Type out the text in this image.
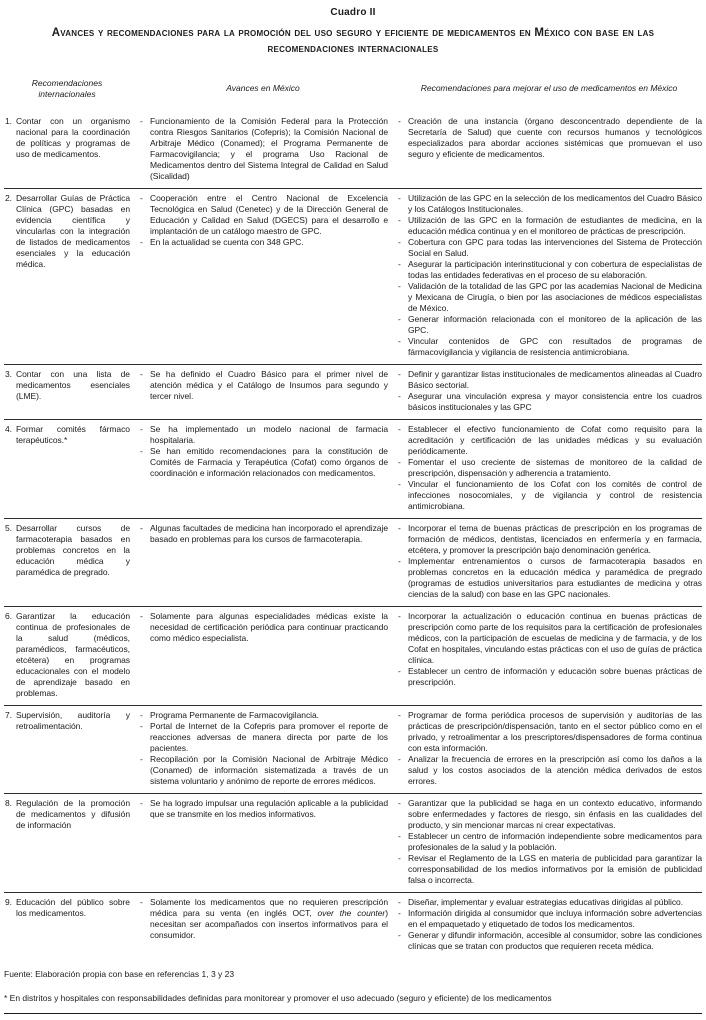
Cuadro II
Avances y recomendaciones para la promoción del uso seguro y eficiente de medicamentos en México con base en las recomendaciones internacionales
Recomendaciones internacionales
Avances en México	Recomendaciones para mejorar el uso de medicamentos en México
1. Contar con un organismo nacional para la coordinación de políticas y programas de uso de medicamentos.
- Funcionamiento de la Comisión Federal para la Protección contra Riesgos Sanitarios (Cofepris); la Comisión Nacional de Arbitraje Médico (Conamed); el Programa Permanente de Farmacovigilancia; y el programa Uso Racional de Medicamentos dentro del Sistema Integral de Calidad en Salud (Sicalidad)
- Creación de una instancia (órgano desconcentrado dependiente de la Secretaría de Salud) que cuente con recursos humanos y tecnológicos especializados para abordar acciones sistémicas que promuevan el uso seguro y eficiente de medicamentos.
2. Desarrollar Guías de Práctica Clínica (GPC) basadas en evidencia científica y vincularlas con la integración de listados de medicamentos esenciales y la educación médica.
- Cooperación entre el Centro Nacional de Excelencia Tecnológica en Salud (Cenetec) y de la Dirección General de Educación y Calidad en Salud (DGECS) para el desarrollo e implantación de un catálogo maestro de GPC.
- En la actualidad se cuenta con 348 GPC.
- Utilización de las GPC en la selección de los medicamentos del Cuadro Básico y los Catálogos Institucionales.
- Utilización de las GPC en la formación de estudiantes de medicina, en la educación médica continua y en el monitoreo de prácticas de prescripción.
- Cobertura con GPC para todas las intervenciones del Sistema de Protección Social en Salud.
- Asegurar la participación interinstitucional y con cobertura de especialistas de todas las entidades federativas en el proceso de su elaboración.
- Validación de la totalidad de las GPC por las academias Nacional de Medicina y Mexicana de Cirugía, o bien por las asociaciones de médicos especialistas de México.
- Generar información relacionada con el monitoreo de la aplicación de las GPC.
- Vincular contenidos de GPC con resultados de programas de fármacovigilancia y vigilancia de resistencia antimicrobiana.
3. Contar con una lista de medicamentos esenciales (LME).
- Se ha definido el Cuadro Básico para el primer nivel de atención médica y el Catálogo de Insumos para segundo y tercer nivel.
- Definir y garantizar listas institucionales de medicamentos alineadas al Cuadro Básico sectorial.
- Asegurar una vinculación expresa y mayor consistencia entre los cuadros básicos institucionales y las GPC
4. Formar comités fármaco terapéuticos.*
- Se ha implementado un modelo nacional de farmacia hospitalaria.
- Se han emitido recomendaciones para la constitución de Comités de Farmacia y Terapéutica (Cofat) como órganos de coordinación e información relacionados con medicamentos.
- Establecer el efectivo funcionamiento de Cofat como requisito para la acreditación y certificación de las unidades médicas y su evaluación periódicamente.
- Fomentar el uso creciente de sistemas de monitoreo de la calidad de prescripción, dispensación y adherencia a tratamiento.
- Vincular el funcionamiento de los Cofat con los comités de control de infecciones nosocomiales, y de vigilancia y control de resistencia antimicrobiana.
5. Desarrollar cursos de farmacoterapia basados en problemas concretos en la educación médica y paramédica de pregrado.
- Algunas facultades de medicina han incorporado el aprendizaje basado en problemas para los cursos de farmacoterapia.
- Incorporar el tema de buenas prácticas de prescripción en los programas de formación de médicos, dentistas, licenciados en enfermería y en farmacia, etcétera, y promover la prescripción bajo denominación genérica.
- Implementar entrenamientos o cursos de farmacoterapia basados en problemas concretos en la educación médica y paramédica de pregrado (programas de estudios universitarios para estudiantes de medicina y otras ciencias de la salud) con base en las GPC nacionales.
6. Garantizar la educación continua de profesionales de la salud (médicos, paramédicos, farmacéuticos, etcétera) en programas educacionales con el modelo de aprendizaje basado en problemas.
- Solamente para algunas especialidades médicas existe la necesidad de certificación periódica para continuar practicando como médico especialista.
- Incorporar la actualización o educación continua en buenas prácticas de prescripción como parte de los requisitos para la certificación de profesionales médicos, con la participación de escuelas de medicina y de farmacia, y de los Cofat en hospitales, vinculando estas prácticas con el uso de guías de práctica clínica.
- Establecer un centro de información y educación sobre buenas prácticas de prescripción.
7. Supervisión, auditoría y retroalimentación.
- Programa Permanente de Farmacovigilancia.
- Portal de Internet de la Cofepris para promover el reporte de reacciones adversas de manera directa por parte de los pacientes.
- Recopilación por la Comisión Nacional de Arbitraje Médico (Conamed) de información sistematizada a través de un sistema voluntario y anónimo de reporte de errores médicos.
- Programar de forma periódica procesos de supervisión y auditorías de las prácticas de prescripción/dispensación, tanto en el sector público como en el privado, y retroalimentar a los prescriptores/dispensadores de forma continua con esta información.
- Analizar la frecuencia de errores en la prescripción así como los daños a la salud y los costos asociados de la atención médica derivados de estos errores.
8. Regulación de la promoción de medicamentos y difusión de información
- Se ha logrado impulsar una regulación aplicable a la publicidad que se transmite en los medios informativos.
- Garantizar que la publicidad se haga en un contexto educativo, informando sobre enfermedades y factores de riesgo, sin énfasis en las cualidades del producto, y sin mencionar marcas ni crear expectativas.
- Establecer un centro de información independiente sobre medicamentos para profesionales de la salud y la población.
- Revisar el Reglamento de la LGS en materia de publicidad para garantizar la corresponsabilidad de los medios informativos por la emisión de publicidad falsa o incorrecta.
9. Educación del público sobre los medicamentos.
- Solamente los medicamentos que no requieren prescripción médica para su venta (en inglés OCT, over the counter) necesitan ser acompañados con insertos informativos para el consumidor.
- Diseñar, implementar y evaluar estrategias educativas dirigidas al público.
- Información dirigida al consumidor que incluya información sobre advertencias en el empaquetado y etiquetado de todos los medicamentos.
- Generar y difundir información, accesible al consumidor, sobre las condiciones clínicas que se tratan con productos que requieren receta médica.
Fuente: Elaboración propia con base en referencias 1, 3 y 23
* En distritos y hospitales con responsabilidades definidas para monitorear y promover el uso adecuado (seguro y eficiente) de los medicamentos
